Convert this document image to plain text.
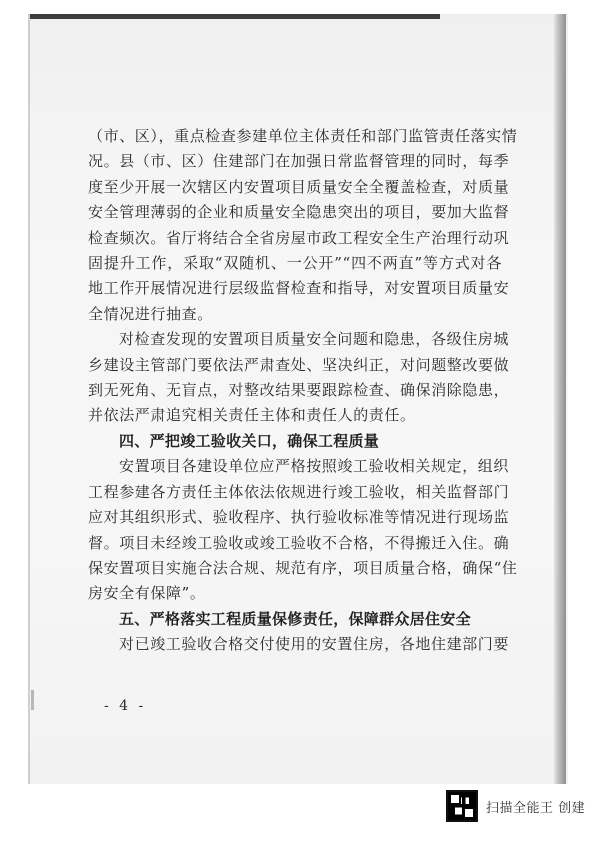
（市、区），重点检查参建单位主体责任和部门监管责任落实情
况。县（市、区）住建部门在加强日常监督管理的同时，每季
度至少开展一次辖区内安置项目质量安全全覆盖检查，对质量
安全管理薄弱的企业和质量安全隐患突出的项目，要加大监督
检查频次。省厅将结合全省房屋市政工程安全生产治理行动巩
固提升工作，采取“双随机、一公开”“四不两直”等方式对各
地工作开展情况进行层级监督检查和指导，对安置项目质量安
全情况进行抽查。
对检查发现的安置项目质量安全问题和隐患，各级住房城
乡建设主管部门要依法严肃查处、坚决纠正，对问题整改要做
到无死角、无盲点，对整改结果要跟踪检查、确保消除隐患，
并依法严肃追究相关责任主体和责任人的责任。
四、严把竣工验收关口，确保工程质量
安置项目各建设单位应严格按照竣工验收相关规定，组织
工程参建各方责任主体依法依规进行竣工验收，相关监督部门
应对其组织形式、验收程序、执行验收标准等情况进行现场监
督。项目未经竣工验收或竣工验收不合格，不得搬迁入住。确
保安置项目实施合法合规、规范有序，项目质量合格，确保“住
房安全有保障”。
五、严格落实工程质量保修责任，保障群众居住安全
对已竣工验收合格交付使用的安置住房，各地住建部门要
- 4 -
扫描全能王 创建
